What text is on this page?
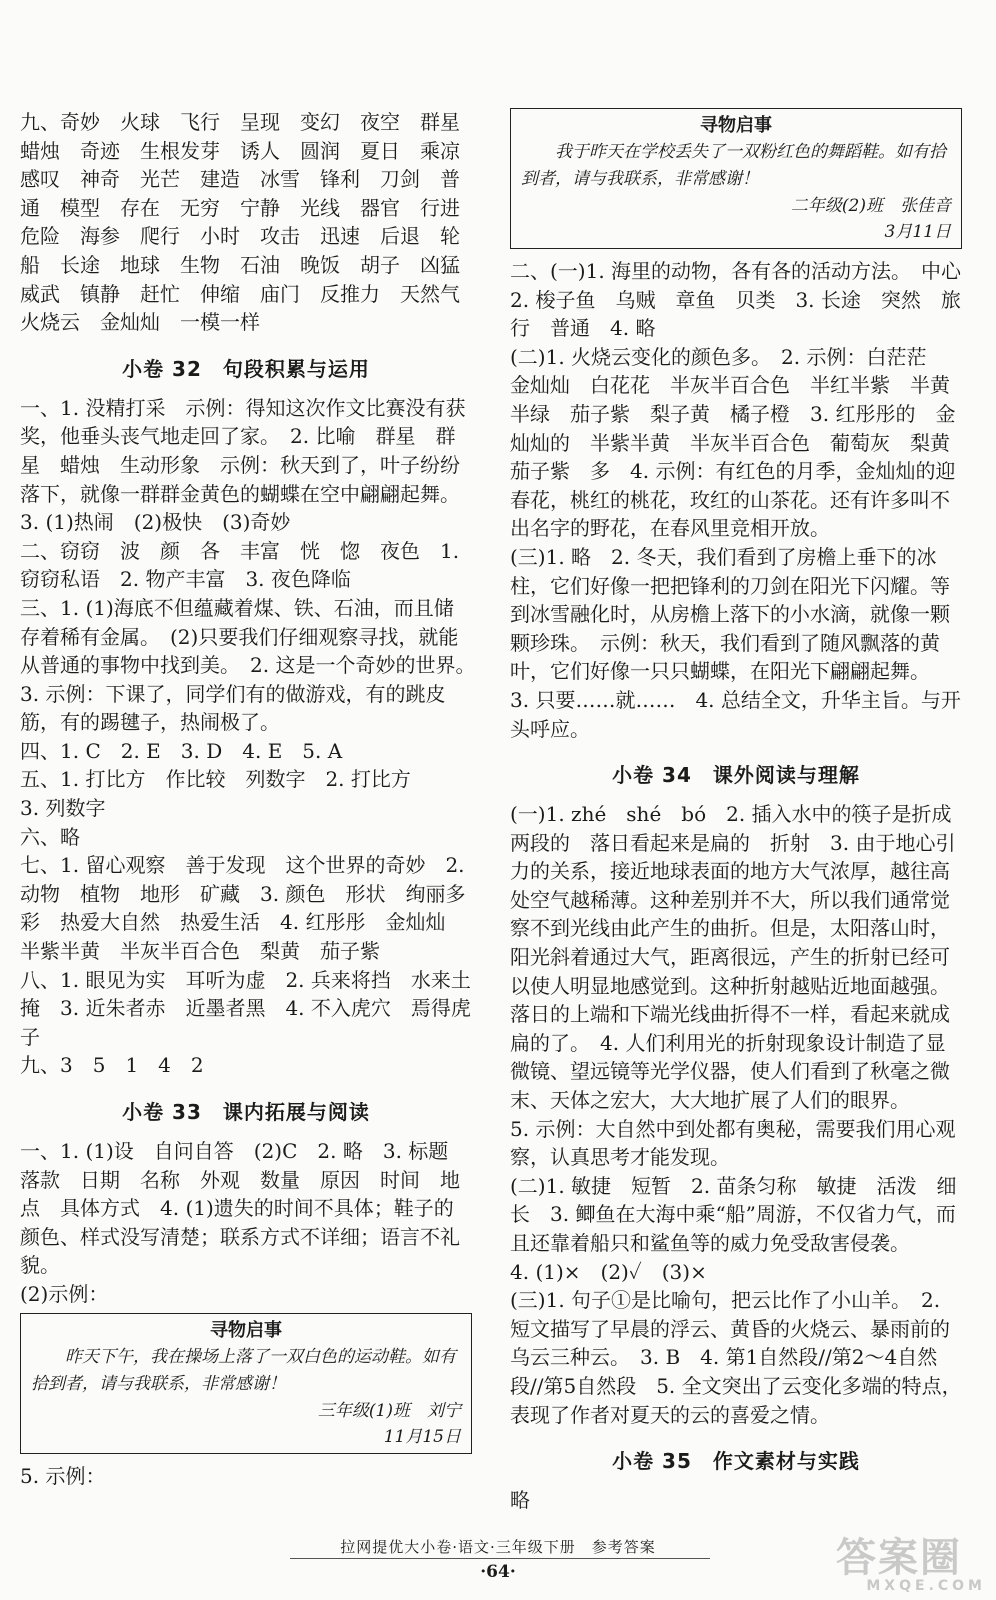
九、奇妙　火球　飞行　呈现　变幻　夜空　群星　蜡烛　奇迹　生根发芽　诱人　圆润　夏日　乘凉　感叹　神奇　光芒　建造　冰雪　锋利　刀剑　普通　模型　存在　无穷　宁静　光线　器官　行进　危险　海参　爬行　小时　攻击　迅速　后退　轮船　长途　地球　生物　石油　晚饭　胡子　凶猛　威武　镇静　赶忙　伸缩　庙门　反推力　天然气　火烧云　金灿灿　一模一样

小卷 32　句段积累与运用

一、1. 没精打采　示例：得知这次作文比赛没有获奖，他垂头丧气地走回了家。　2. 比喻　群星　群星　蜡烛　生动形象　示例：秋天到了，叶子纷纷落下，就像一群群金黄色的蝴蝶在空中翩翩起舞。

3. (1)热闹　(2)极快　(3)奇妙

二、窃窃　波　颜　各　丰富　恍　惚　夜色　1. 窃窃私语　2. 物产丰富　3. 夜色降临

三、1. (1)海底不但蕴藏着煤、铁、石油，而且储存着稀有金属。　(2)只要我们仔细观察寻找，就能从普通的事物中找到美。　2. 这是一个奇妙的世界。　3. 示例：下课了，同学们有的做游戏，有的跳皮筋，有的踢毽子，热闹极了。

四、1. C　2. E　3. D　4. E　5. A

五、1. 打比方　作比较　列数字　2. 打比方

3. 列数字

六、略

七、1. 留心观察　善于发现　这个世界的奇妙　2. 动物　植物　地形　矿藏　3. 颜色　形状　绚丽多彩　热爱大自然　热爱生活　4. 红彤彤　金灿灿　半紫半黄　半灰半百合色　梨黄　茄子紫

八、1. 眼见为实　耳听为虚　2. 兵来将挡　水来土掩　3. 近朱者赤　近墨者黑　4. 不入虎穴　焉得虎子

九、3　5　1　4　2

小卷 33　课内拓展与阅读

一、1. (1)设　自问自答　(2)C　2. 略　3. 标题　落款　日期　名称　外观　数量　原因　时间　地点　具体方式　4. (1)遗失的时间不具体；鞋子的颜色、样式没写清楚；联系方式不详细；语言不礼貌。

(2)示例：

寻物启事
昨天下午，我在操场上落了一双白色的运动鞋。如有拾到者，请与我联系，非常感谢！
三年级(1)班　刘宁
11月15日

5. 示例：

寻物启事
我于昨天在学校丢失了一双粉红色的舞蹈鞋。如有拾到者，请与我联系，非常感谢！
二年级(2)班　张佳音
3月11日

二、(一)1. 海里的动物，各有各的活动方法。　中心　2. 梭子鱼　乌贼　章鱼　贝类　3. 长途　突然　旅行　普通　4. 略

(二)1. 火烧云变化的颜色多。　2. 示例：白茫茫　金灿灿　白花花　半灰半百合色　半红半紫　半黄半绿　茄子紫　梨子黄　橘子橙　3. 红彤彤的　金灿灿的　半紫半黄　半灰半百合色　葡萄灰　梨黄　茄子紫　多　4. 示例：有红色的月季，金灿灿的迎春花，桃红的桃花，玫红的山茶花。还有许多叫不出名字的野花，在春风里竞相开放。

(三)1. 略　2. 冬天，我们看到了房檐上垂下的冰柱，它们好像一把把锋利的刀剑在阳光下闪耀。等到冰雪融化时，从房檐上落下的小水滴，就像一颗颗珍珠。　示例：秋天，我们看到了随风飘落的黄叶，它们好像一只只蝴蝶，在阳光下翩翩起舞。

3. 只要……就……　4. 总结全文，升华主旨。与开头呼应。

小卷 34　课外阅读与理解

(一)1. zhé　shé　bó　2. 插入水中的筷子是折成两段的　落日看起来是扁的　折射　3. 由于地心引力的关系，接近地球表面的地方大气浓厚，越往高处空气越稀薄。这种差别并不大，所以我们通常觉察不到光线由此产生的曲折。但是，太阳落山时，阳光斜着通过大气，距离很远，产生的折射已经可以使人明显地感觉到。这种折射越贴近地面越强。落日的上端和下端光线曲折得不一样，看起来就成扁的了。　4. 人们利用光的折射现象设计制造了显微镜、望远镜等光学仪器，使人们看到了秋毫之微末、天体之宏大，大大地扩展了人们的眼界。

5. 示例：大自然中到处都有奥秘，需要我们用心观察，认真思考才能发现。

(二)1. 敏捷　短暂　2. 苗条匀称　敏捷　活泼　细长　3. 鲫鱼在大海中乘“船”周游，不仅省力气，而且还靠着船只和鲨鱼等的威力免受敌害侵袭。

4. (1)×　(2)✓　(3)×

(三)1. 句子①是比喻句，把云比作了小山羊。　2. 短文描写了早晨的浮云、黄昏的火烧云、暴雨前的乌云三种云。　3. B　4. 第1自然段//第2～4自然段//第5自然段　5. 全文突出了云变化多端的特点，表现了作者对夏天的云的喜爱之情。

小卷 35　作文素材与实践

略

拉网提优大小卷·语文·三年级下册　参考答案
·64·	答案圈
MXQE.COM
